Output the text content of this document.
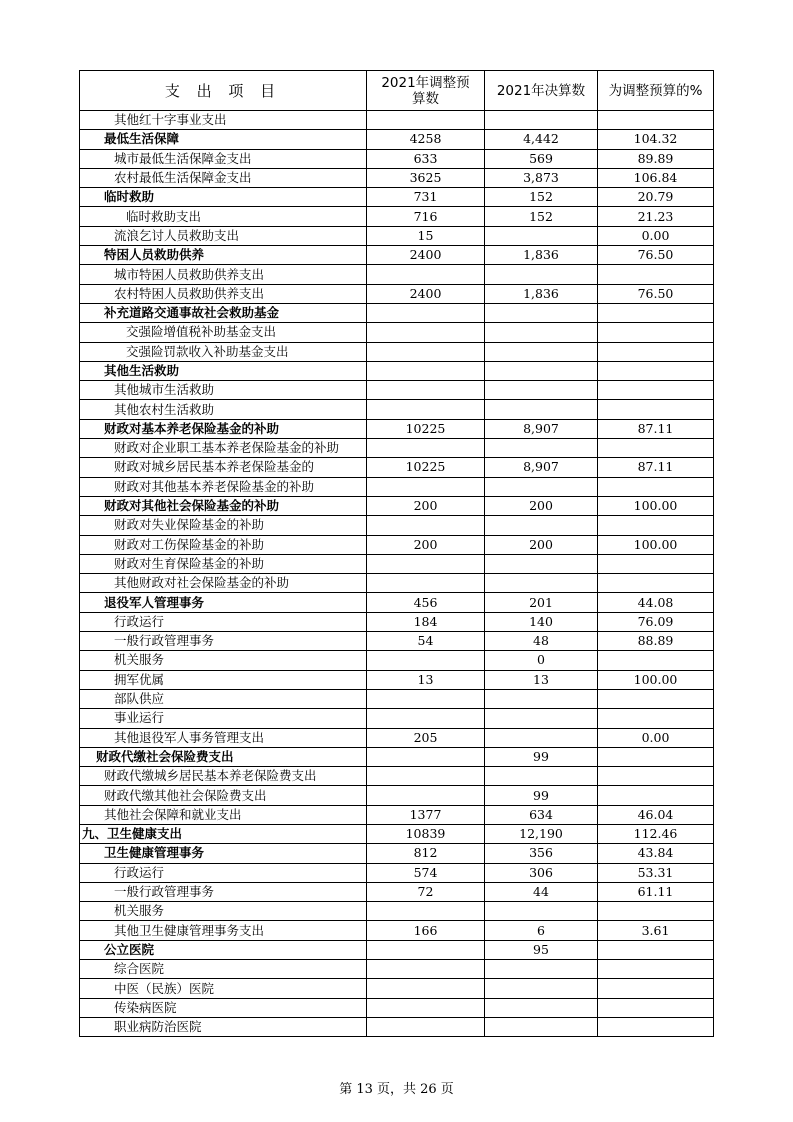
支 出 项 目	2021年调整预算数	2021年决算数	为调整预算的%
其他红十字事业支出			
最低生活保障	4258	4,442	104.32
城市最低生活保障金支出	633	569	89.89
农村最低生活保障金支出	3625	3,873	106.84
临时救助	731	152	20.79
临时救助支出	716	152	21.23
流浪乞讨人员救助支出	15		0.00
特困人员救助供养	2400	1,836	76.50
城市特困人员救助供养支出			
农村特困人员救助供养支出	2400	1,836	76.50
补充道路交通事故社会救助基金			
交强险增值税补助基金支出			
交强险罚款收入补助基金支出			
其他生活救助			
其他城市生活救助			
其他农村生活救助			
财政对基本养老保险基金的补助	10225	8,907	87.11
财政对企业职工基本养老保险基金的补助			
财政对城乡居民基本养老保险基金的	10225	8,907	87.11
财政对其他基本养老保险基金的补助			
财政对其他社会保险基金的补助	200	200	100.00
财政对失业保险基金的补助			
财政对工伤保险基金的补助	200	200	100.00
财政对生育保险基金的补助			
其他财政对社会保险基金的补助			
退役军人管理事务	456	201	44.08
行政运行	184	140	76.09
一般行政管理事务	54	48	88.89
机关服务		0	
拥军优属	13	13	100.00
部队供应			
事业运行			
其他退役军人事务管理支出	205		0.00
财政代缴社会保险费支出		99	
财政代缴城乡居民基本养老保险费支出			
财政代缴其他社会保险费支出		99	
其他社会保障和就业支出	1377	634	46.04
九、卫生健康支出	10839	12,190	112.46
卫生健康管理事务	812	356	43.84
行政运行	574	306	53.31
一般行政管理事务	72	44	61.11
机关服务			
其他卫生健康管理事务支出	166	6	3.61
公立医院		95	
综合医院			
中医（民族）医院			
传染病医院			
职业病防治医院			
第 13 页，共 26 页
